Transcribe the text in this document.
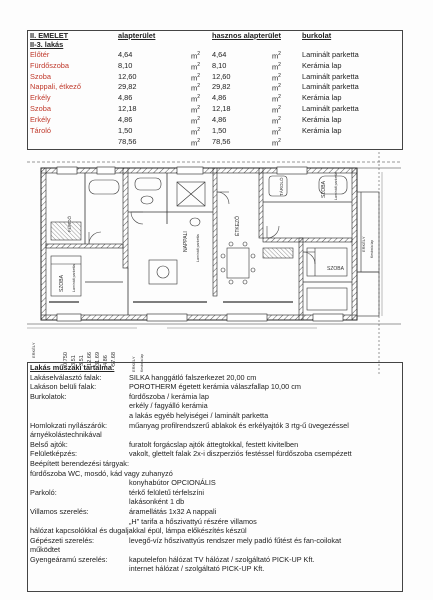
II. EMELET	alapterület		hasznos alapterület		burkolat
II-3. lakás					
Előtér	4,64	$m^2$	4,64	$m^2$	Laminált parketta
Fürdőszoba	8,10	$m^2$	8,10	$m^2$	Kerámia lap
Szoba	12,60	$m^2$	12,60	$m^2$	Laminált parketta
Nappali, étkező	29,82	$m^2$	29,82	$m^2$	Laminált parketta
Erkély	4,86	$m^2$	4,86	$m^2$	Kerámia lap
Szoba	12,18	$m^2$	12,18	$m^2$	Laminált parketta
Erkély	4,86	$m^2$	4,86	$m^2$	Kerámia lap
Tároló	1,50	$m^2$	1,50	$m^2$	Kerámia lap
	78,56	$m^2$	78,56	$m^2$	
ERKÉLY
FÜRDŐ
SZOBA Laminált parketta
NAPPALI Laminált parketta
ÉTKEZŐ
TÁROLÓ	SZOBA Laminált parketta
SZOBA
ERKÉLY Kerámia lap
ERKÉLY Kerámia lap
0.750 3.51 3.51 12.66 31.69 4.86 57.68
Lakás műszaki tartalma:
Lakáselválasztó falak:	SILKA hanggátló falszerkezet 20,00 cm
Lakáson belüli falak:	POROTHERM égetett kerámia válaszfallap 10,00 cm
Burkolatok:	fürdőszoba / kerámia lap
erkély / fagyálló kerámia
a lakás egyéb helyiségei / laminált parketta
Homlokzati nyílászárók:	műanyag profilrendszerű ablakok és erkélyajtók 3 rtg-ű üvegezéssel
árnyékolástechnikával
Belső ajtók:	furatolt forgácslap ajtók áttegtokkal, festett kivitelben
Felületképzés:	vakolt, glettelt falak 2x-i diszperziós festéssel fürdőszoba csempézett
Beépített berendezési tárgyak:
fürdőszoba WC, mosdó, kád vagy zuhanyzó
konyhabútor OPCIONÁLIS
Parkoló:	térkő felületű térfelszíni
lakásonként 1 db
Villamos szerelés:	áramellátás 1x32 A nappali
„H” tarifa a hőszivattyú részére villamos
hálózat kapcsolókkal és dugaljakkal épül, lámpa előkészítés készül
Gépészeti szerelés:	levegő-víz hőszivattyús rendszer mely padló fűtést és fan-coilokat
működtet
Gyengeáramú szerelés:	kaputelefon hálózat TV hálózat / szolgáltató PICK-UP Kft.
internet hálózat / szolgáltató PICK-UP Kft.
